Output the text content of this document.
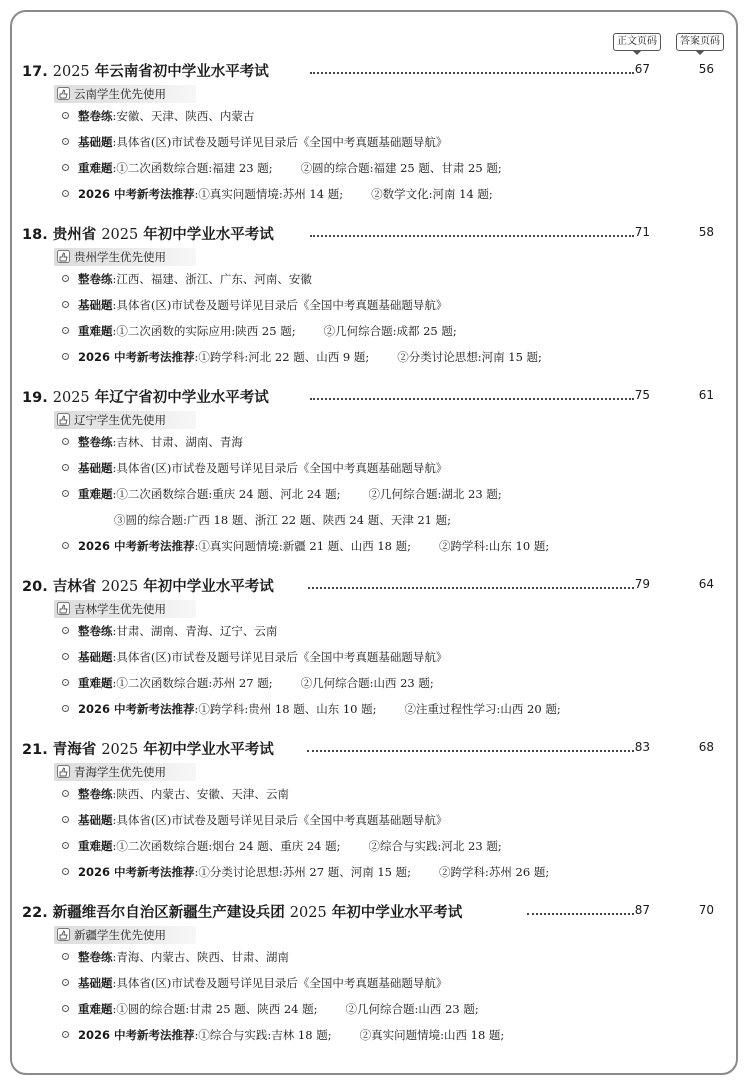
正文页码	答案页码
17. 2025 年云南省初中学业水平考试	67	56
云南学生优先使用
整卷练:安徽、天津、陕西、内蒙古
基础题:具体省(区)市试卷及题号详见目录后《全国中考真题基础题导航》
重难题:①二次函数综合题:福建 23 题; ②圆的综合题:福建 25 题、甘肃 25 题;
2026 中考新考法推荐:①真实问题情境:苏州 14 题; ②数学文化:河南 14 题;
18. 贵州省 2025 年初中学业水平考试	71	58
贵州学生优先使用
整卷练:江西、福建、浙江、广东、河南、安徽
基础题:具体省(区)市试卷及题号详见目录后《全国中考真题基础题导航》
重难题:①二次函数的实际应用:陕西 25 题; ②几何综合题:成都 25 题;
2026 中考新考法推荐:①跨学科:河北 22 题、山西 9 题; ②分类讨论思想:河南 15 题;
19. 2025 年辽宁省初中学业水平考试	75	61
辽宁学生优先使用
整卷练:吉林、甘肃、湖南、青海
基础题:具体省(区)市试卷及题号详见目录后《全国中考真题基础题导航》
重难题:①二次函数综合题:重庆 24 题、河北 24 题; ②几何综合题:湖北 23 题;
③圆的综合题:广西 18 题、浙江 22 题、陕西 24 题、天津 21 题;
2026 中考新考法推荐:①真实问题情境:新疆 21 题、山西 18 题; ②跨学科:山东 10 题;
20. 吉林省 2025 年初中学业水平考试	79	64
吉林学生优先使用
整卷练:甘肃、湖南、青海、辽宁、云南
基础题:具体省(区)市试卷及题号详见目录后《全国中考真题基础题导航》
重难题:①二次函数综合题:苏州 27 题; ②几何综合题:山西 23 题;
2026 中考新考法推荐:①跨学科:贵州 18 题、山东 10 题; ②注重过程性学习:山西 20 题;
21. 青海省 2025 年初中学业水平考试	83	68
青海学生优先使用
整卷练:陕西、内蒙古、安徽、天津、云南
基础题:具体省(区)市试卷及题号详见目录后《全国中考真题基础题导航》
重难题:①二次函数综合题:烟台 24 题、重庆 24 题; ②综合与实践:河北 23 题;
2026 中考新考法推荐:①分类讨论思想:苏州 27 题、河南 15 题; ②跨学科:苏州 26 题;
22. 新疆维吾尔自治区新疆生产建设兵团 2025 年初中学业水平考试	87	70
新疆学生优先使用
整卷练:青海、内蒙古、陕西、甘肃、湖南
基础题:具体省(区)市试卷及题号详见目录后《全国中考真题基础题导航》
重难题:①圆的综合题:甘肃 25 题、陕西 24 题; ②几何综合题:山西 23 题;
2026 中考新考法推荐:①综合与实践:吉林 18 题; ②真实问题情境:山西 18 题;
